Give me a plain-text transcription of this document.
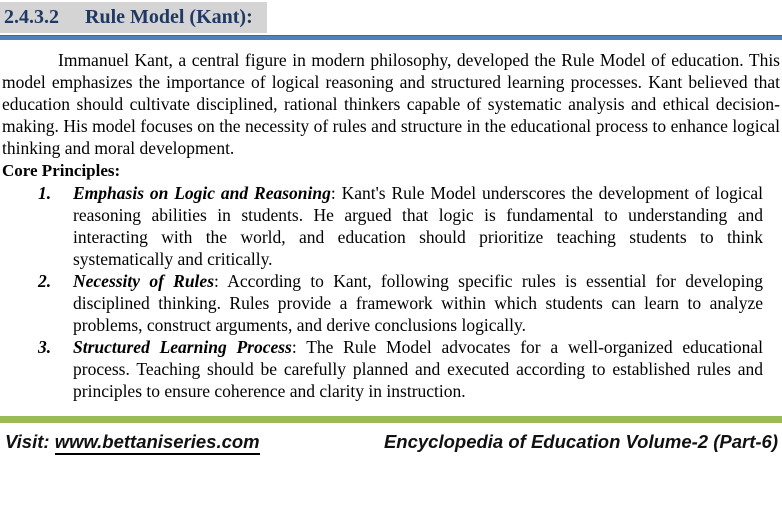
2.4.3.2 Rule Model (Kant):

Immanuel Kant, a central figure in modern philosophy, developed the Rule Model of education. This model emphasizes the importance of logical reasoning and structured learning processes. Kant believed that education should cultivate disciplined, rational thinkers capable of systematic analysis and ethical decision-making. His model focuses on the necessity of rules and structure in the educational process to enhance logical thinking and moral development.

Core Principles:

1. Emphasis on Logic and Reasoning: Kant's Rule Model underscores the development of logical reasoning abilities in students. He argued that logic is fundamental to understanding and interacting with the world, and education should prioritize teaching students to think systematically and critically.
2. Necessity of Rules: According to Kant, following specific rules is essential for developing disciplined thinking. Rules provide a framework within which students can learn to analyze problems, construct arguments, and derive conclusions logically.
3. Structured Learning Process: The Rule Model advocates for a well-organized educational process. Teaching should be carefully planned and executed according to established rules and principles to ensure coherence and clarity in instruction.
Visit: www.bettaniseries.com	Encyclopedia of Education Volume-2 (Part-6)
